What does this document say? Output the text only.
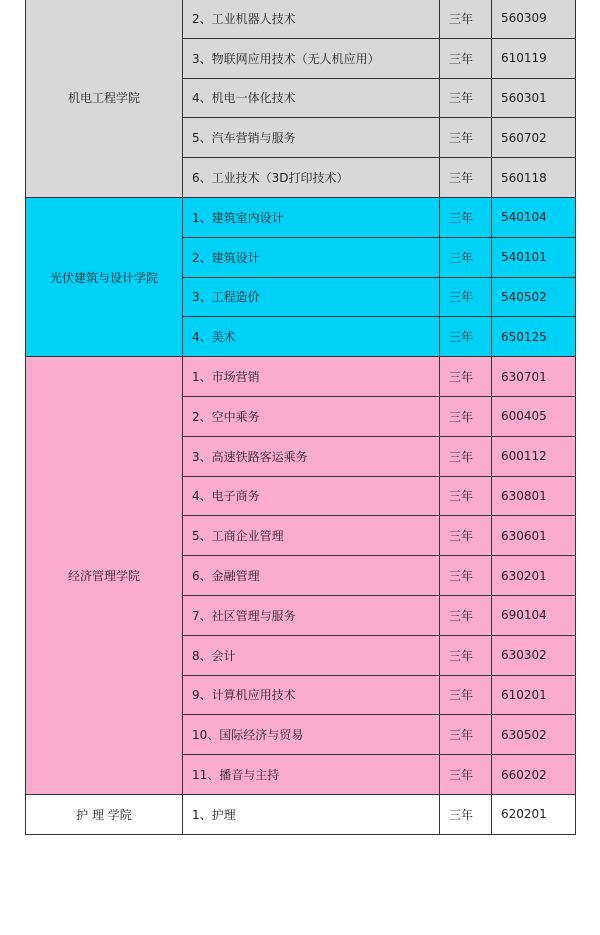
机电工程学院	2、工业机器人技术	三年	560309
	3、物联网应用技术（无人机应用）	三年	610119
	4、机电一体化技术	三年	560301
	5、汽车营销与服务	三年	560702
	6、工业技术（3D打印技术）	三年	560118
光伏建筑与设计学院	1、建筑室内设计	三年	540104
	2、建筑设计	三年	540101
	3、工程造价	三年	540502
	4、美术	三年	650125
经济管理学院	1、市场营销	三年	630701
	2、空中乘务	三年	600405
	3、高速铁路客运乘务	三年	600112
	4、电子商务	三年	630801
	5、工商企业管理	三年	630601
	6、金融管理	三年	630201
	7、社区管理与服务	三年	690104
	8、会计	三年	630302
	9、计算机应用技术	三年	610201
	10、国际经济与贸易	三年	630502
	11、播音与主持	三年	660202
护 理 学院	1、护理	三年	620201
